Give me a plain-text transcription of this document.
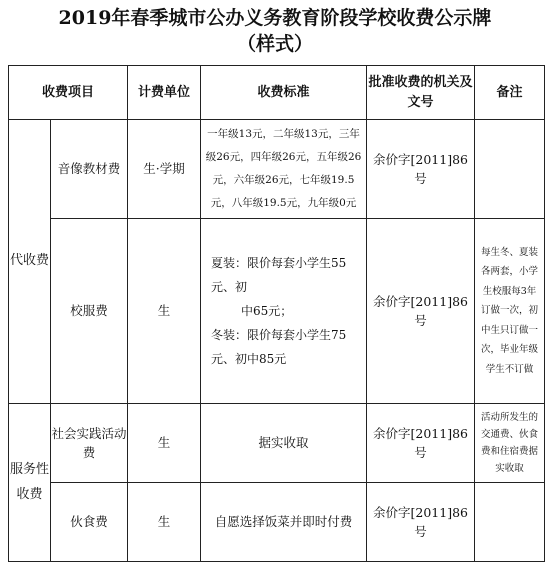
2019年春季城市公办义务教育阶段学校收费公示牌
（样式）
收费项目		计费单位	收费标准	批准收费的机关及文号	备注
代收费	音像教材费	生·学期	一年级13元，二年级13元，三年级26元，四年级26元，五年级26元，六年级26元，七年级19.5元，八年级19.5元，九年级0元	余价字[2011]86号	
	校服费	生	夏装：限价每套小学生55元、初
中65元；
冬装：限价每套小学生75元、初中85元	余价字[2011]86号	每生冬、夏装各两套，小学生校服每3年订做一次，初中生只订做一次，毕业年级学生不订做
服务性收费	社会实践活动费	生	据实收取	余价字[2011]86号	活动所发生的交通费、伙食费和住宿费据实收取
	伙食费	生	自愿选择饭菜并即时付费	余价字[2011]86号	
